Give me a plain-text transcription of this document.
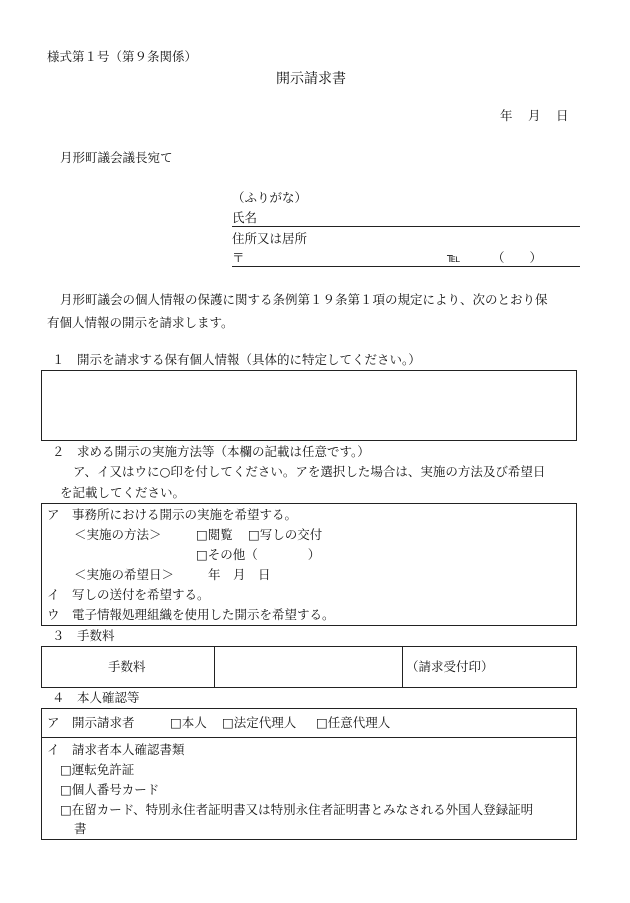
様式第１号（第９条関係）
開示請求書
年 月 日
月形町議会議長宛て
（ふりがな）
氏名
住所又は居所
〒	℡	（　　）
月形町議会の個人情報の保護に関する条例第１９条第１項の規定により、次のとおり保
有個人情報の開示を請求します。
１　開示を請求する保有個人情報（具体的に特定してください。）
２　求める開示の実施方法等（本欄の記載は任意です。）
ア、イ又はウに○印を付してください。アを選択した場合は、実施の方法及び希望日
を記載してください。
ア　事務所における開示の実施を希望する。
＜実施の方法＞	□閲覧 □写しの交付
□その他（　　　　）
＜実施の希望日＞	年　月　日
イ　写しの送付を希望する。
ウ　電子情報処理組織を使用した開示を希望する。
３　手数料
手数料	（請求受付印）
４　本人確認等
ア　開示請求者	□本人 □法定代理人 □任意代理人
イ　請求者本人確認書類
□運転免許証
□個人番号カード
□在留カード、特別永住者証明書又は特別永住者証明書とみなされる外国人登録証明
書
